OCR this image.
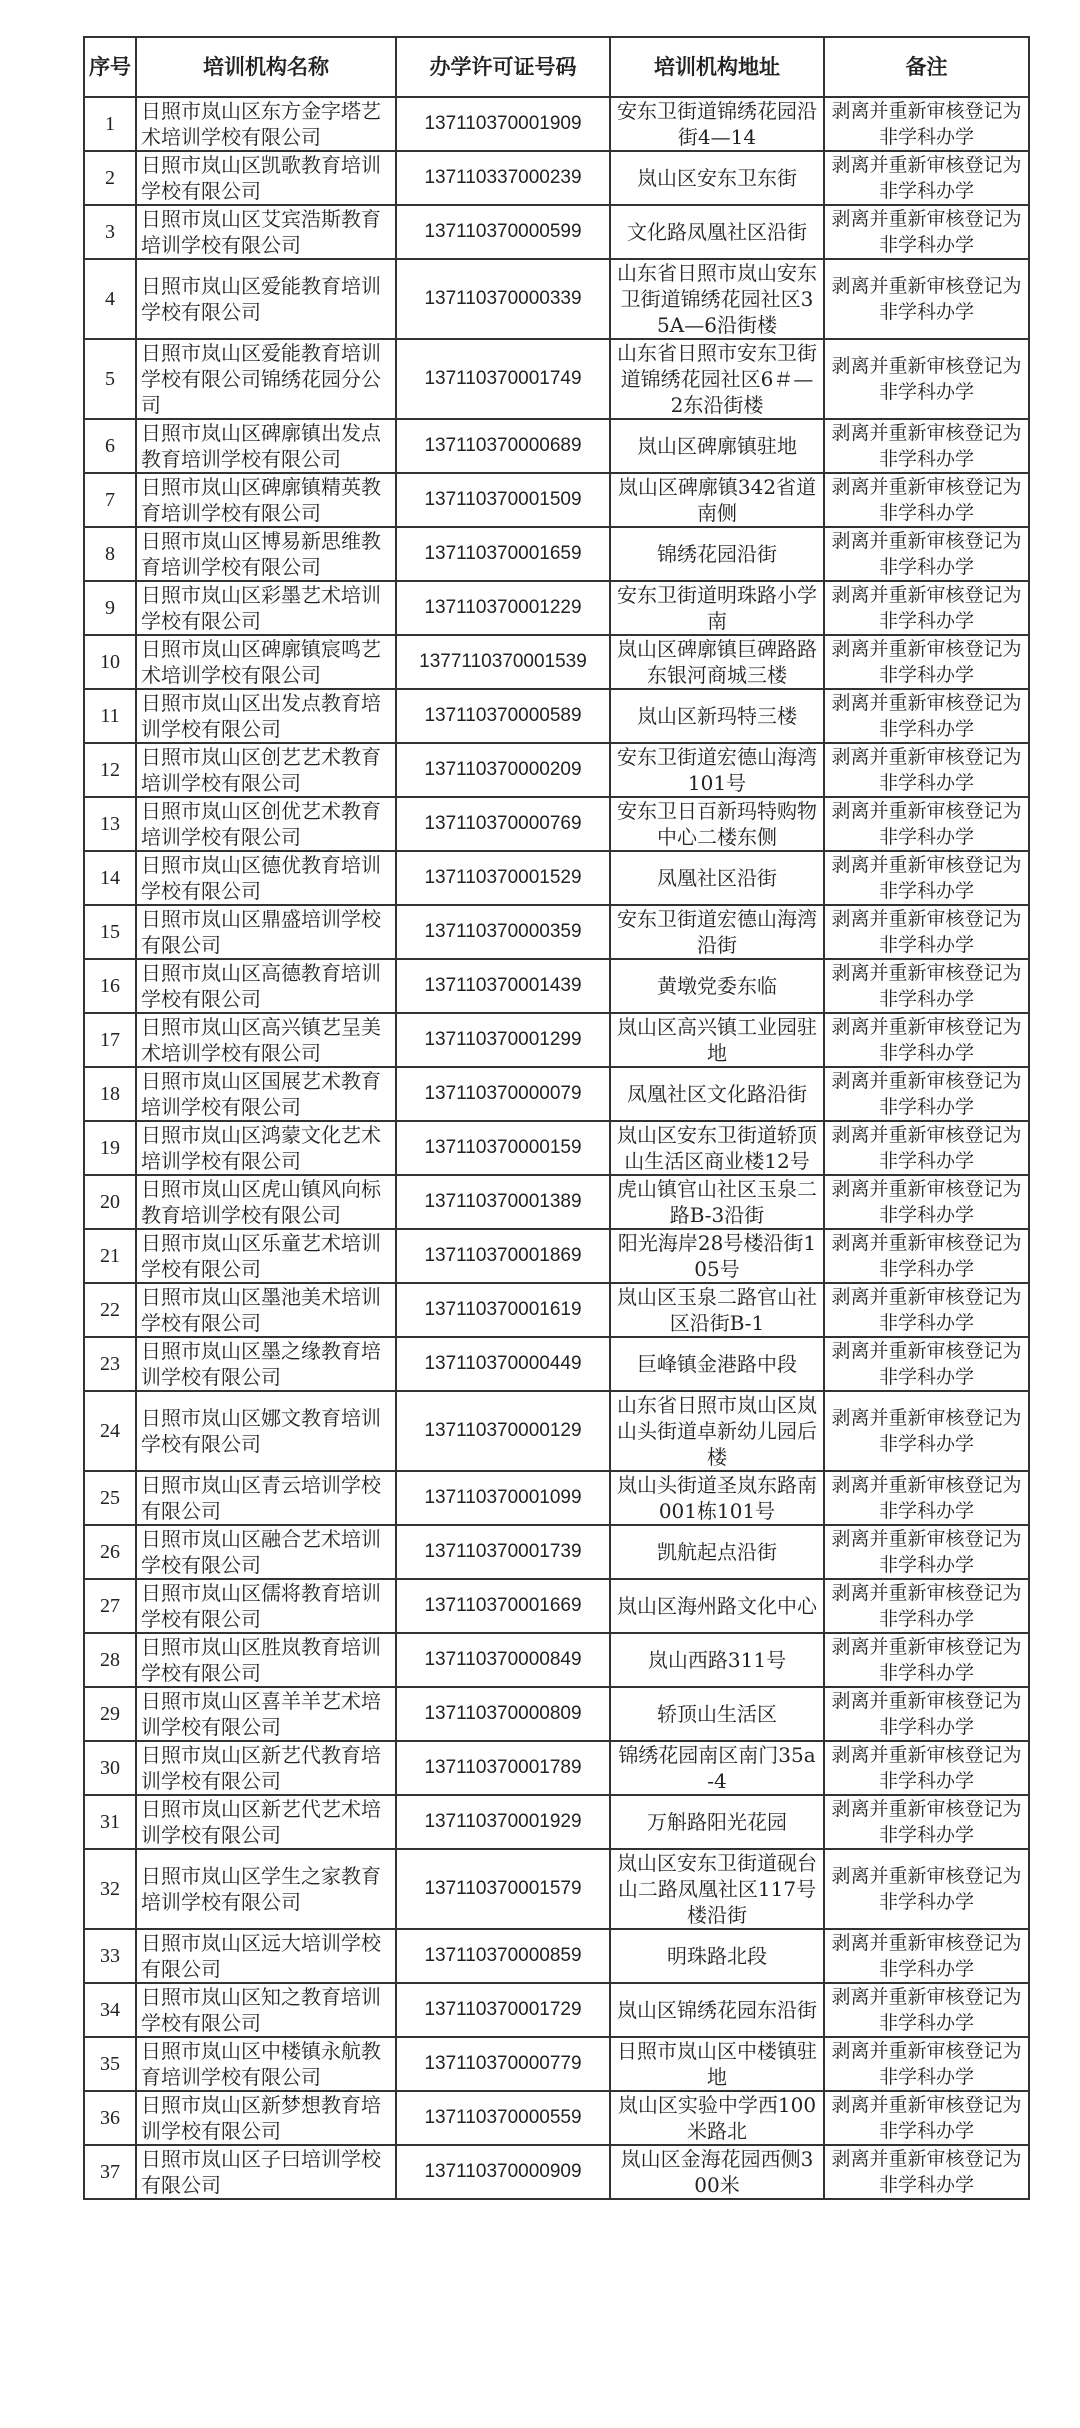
序号	培训机构名称	办学许可证号码	培训机构地址	备注
1	日照市岚山区东方金字塔艺术培训学校有限公司	137110370001909	安东卫街道锦绣花园沿街4—14	剥离并重新审核登记为非学科办学
2	日照市岚山区凯歌教育培训学校有限公司	137110337000239	岚山区安东卫东街	剥离并重新审核登记为非学科办学
3	日照市岚山区艾宾浩斯教育培训学校有限公司	137110370000599	文化路凤凰社区沿街	剥离并重新审核登记为非学科办学
4	日照市岚山区爱能教育培训学校有限公司	137110370000339	山东省日照市岚山安东卫街道锦绣花园社区35A—6沿街楼	剥离并重新审核登记为非学科办学
5	日照市岚山区爱能教育培训学校有限公司锦绣花园分公司	137110370001749	山东省日照市安东卫街道锦绣花园社区6＃—2东沿街楼	剥离并重新审核登记为非学科办学
6	日照市岚山区碑廓镇出发点教育培训学校有限公司	137110370000689	岚山区碑廓镇驻地	剥离并重新审核登记为非学科办学
7	日照市岚山区碑廓镇精英教育培训学校有限公司	137110370001509	岚山区碑廓镇342省道南侧	剥离并重新审核登记为非学科办学
8	日照市岚山区博易新思维教育培训学校有限公司	137110370001659	锦绣花园沿街	剥离并重新审核登记为非学科办学
9	日照市岚山区彩墨艺术培训学校有限公司	137110370001229	安东卫街道明珠路小学南	剥离并重新审核登记为非学科办学
10	日照市岚山区碑廓镇宸鸣艺术培训学校有限公司	1377110370001539	岚山区碑廓镇巨碑路路东银河商城三楼	剥离并重新审核登记为非学科办学
11	日照市岚山区出发点教育培训学校有限公司	137110370000589	岚山区新玛特三楼	剥离并重新审核登记为非学科办学
12	日照市岚山区创艺艺术教育培训学校有限公司	137110370000209	安东卫街道宏德山海湾101号	剥离并重新审核登记为非学科办学
13	日照市岚山区创优艺术教育培训学校有限公司	137110370000769	安东卫日百新玛特购物中心二楼东侧	剥离并重新审核登记为非学科办学
14	日照市岚山区德优教育培训学校有限公司	137110370001529	凤凰社区沿街	剥离并重新审核登记为非学科办学
15	日照市岚山区鼎盛培训学校有限公司	137110370000359	安东卫街道宏德山海湾沿街	剥离并重新审核登记为非学科办学
16	日照市岚山区高德教育培训学校有限公司	137110370001439	黄墩党委东临	剥离并重新审核登记为非学科办学
17	日照市岚山区高兴镇艺呈美术培训学校有限公司	137110370001299	岚山区高兴镇工业园驻地	剥离并重新审核登记为非学科办学
18	日照市岚山区国展艺术教育培训学校有限公司	137110370000079	凤凰社区文化路沿街	剥离并重新审核登记为非学科办学
19	日照市岚山区鸿蒙文化艺术培训学校有限公司	137110370000159	岚山区安东卫街道轿顶山生活区商业楼12号	剥离并重新审核登记为非学科办学
20	日照市岚山区虎山镇风向标教育培训学校有限公司	137110370001389	虎山镇官山社区玉泉二路B-3沿街	剥离并重新审核登记为非学科办学
21	日照市岚山区乐童艺术培训学校有限公司	137110370001869	阳光海岸28号楼沿街105号	剥离并重新审核登记为非学科办学
22	日照市岚山区墨池美术培训学校有限公司	137110370001619	岚山区玉泉二路官山社区沿街B-1	剥离并重新审核登记为非学科办学
23	日照市岚山区墨之缘教育培训学校有限公司	137110370000449	巨峰镇金港路中段	剥离并重新审核登记为非学科办学
24	日照市岚山区娜文教育培训学校有限公司	137110370000129	山东省日照市岚山区岚山头街道卓新幼儿园后楼	剥离并重新审核登记为非学科办学
25	日照市岚山区青云培训学校有限公司	137110370001099	岚山头街道圣岚东路南001栋101号	剥离并重新审核登记为非学科办学
26	日照市岚山区融合艺术培训学校有限公司	137110370001739	凯航起点沿街	剥离并重新审核登记为非学科办学
27	日照市岚山区儒将教育培训学校有限公司	137110370001669	岚山区海州路文化中心	剥离并重新审核登记为非学科办学
28	日照市岚山区胜岚教育培训学校有限公司	137110370000849	岚山西路311号	剥离并重新审核登记为非学科办学
29	日照市岚山区喜羊羊艺术培训学校有限公司	137110370000809	轿顶山生活区	剥离并重新审核登记为非学科办学
30	日照市岚山区新艺代教育培训学校有限公司	137110370001789	锦绣花园南区南门35a-4	剥离并重新审核登记为非学科办学
31	日照市岚山区新艺代艺术培训学校有限公司	137110370001929	万斛路阳光花园	剥离并重新审核登记为非学科办学
32	日照市岚山区学生之家教育培训学校有限公司	137110370001579	岚山区安东卫街道砚台山二路凤凰社区117号楼沿街	剥离并重新审核登记为非学科办学
33	日照市岚山区远大培训学校有限公司	137110370000859	明珠路北段	剥离并重新审核登记为非学科办学
34	日照市岚山区知之教育培训学校有限公司	137110370001729	岚山区锦绣花园东沿街	剥离并重新审核登记为非学科办学
35	日照市岚山区中楼镇永航教育培训学校有限公司	137110370000779	日照市岚山区中楼镇驻地	剥离并重新审核登记为非学科办学
36	日照市岚山区新梦想教育培训学校有限公司	137110370000559	岚山区实验中学西100米路北	剥离并重新审核登记为非学科办学
37	日照市岚山区子曰培训学校有限公司	137110370000909	岚山区金海花园西侧300米	剥离并重新审核登记为非学科办学
